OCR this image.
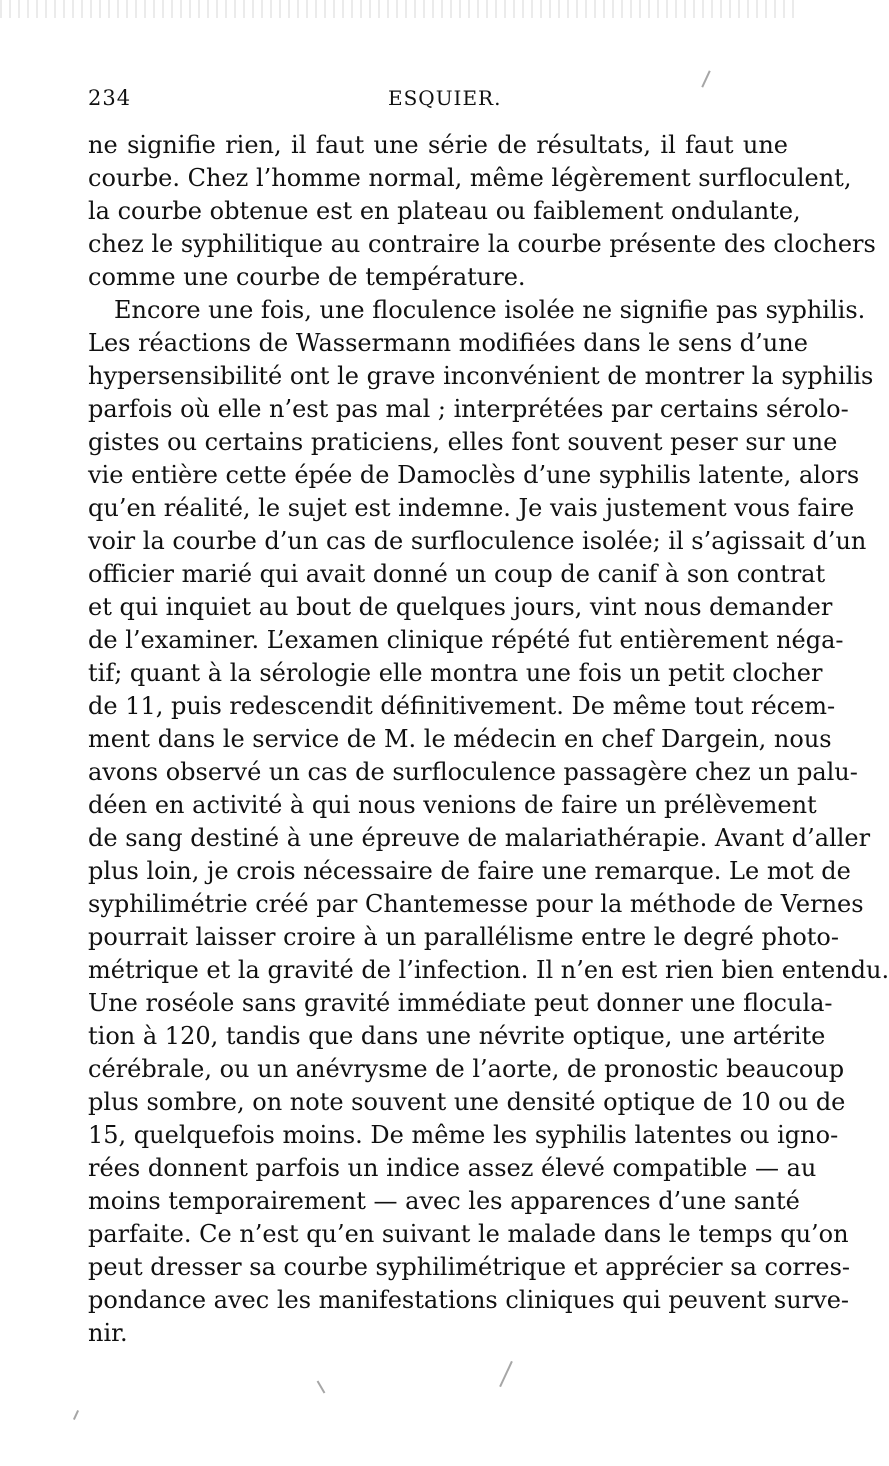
234	ESQUIER.
ne signifie rien, il faut une série de résultats, il faut une
courbe. Chez l’homme normal, même légèrement surfloculent,
la courbe obtenue est en plateau ou faiblement ondulante,
chez le syphilitique au contraire la courbe présente des clochers
comme une courbe de température.
Encore une fois, une floculence isolée ne signifie pas syphilis.
Les réactions de Wassermann modifiées dans le sens d’une
hypersensibilité ont le grave inconvénient de montrer la syphilis
parfois où elle n’est pas mal ; interprétées par certains sérolo-
gistes ou certains praticiens, elles font souvent peser sur une
vie entière cette épée de Damoclès d’une syphilis latente, alors
qu’en réalité, le sujet est indemne. Je vais justement vous faire
voir la courbe d’un cas de surfloculence isolée; il s’agissait d’un
officier marié qui avait donné un coup de canif à son contrat
et qui inquiet au bout de quelques jours, vint nous demander
de l’examiner. L’examen clinique répété fut entièrement néga-
tif; quant à la sérologie elle montra une fois un petit clocher
de 11, puis redescendit définitivement. De même tout récem-
ment dans le service de M. le médecin en chef Dargein, nous
avons observé un cas de surfloculence passagère chez un palu-
déen en activité à qui nous venions de faire un prélèvement
de sang destiné à une épreuve de malariathérapie. Avant d’aller
plus loin, je crois nécessaire de faire une remarque. Le mot de
syphilimétrie créé par Chantemesse pour la méthode de Vernes
pourrait laisser croire à un parallélisme entre le degré photo-
métrique et la gravité de l’infection. Il n’en est rien bien entendu.
Une roséole sans gravité immédiate peut donner une flocula-
tion à 120, tandis que dans une névrite optique, une artérite
cérébrale, ou un anévrysme de l’aorte, de pronostic beaucoup
plus sombre, on note souvent une densité optique de 10 ou de
15, quelquefois moins. De même les syphilis latentes ou igno-
rées donnent parfois un indice assez élevé compatible — au
moins temporairement — avec les apparences d’une santé
parfaite. Ce n’est qu’en suivant le malade dans le temps qu’on
peut dresser sa courbe syphilimétrique et apprécier sa corres-
pondance avec les manifestations cliniques qui peuvent surve-
nir.
